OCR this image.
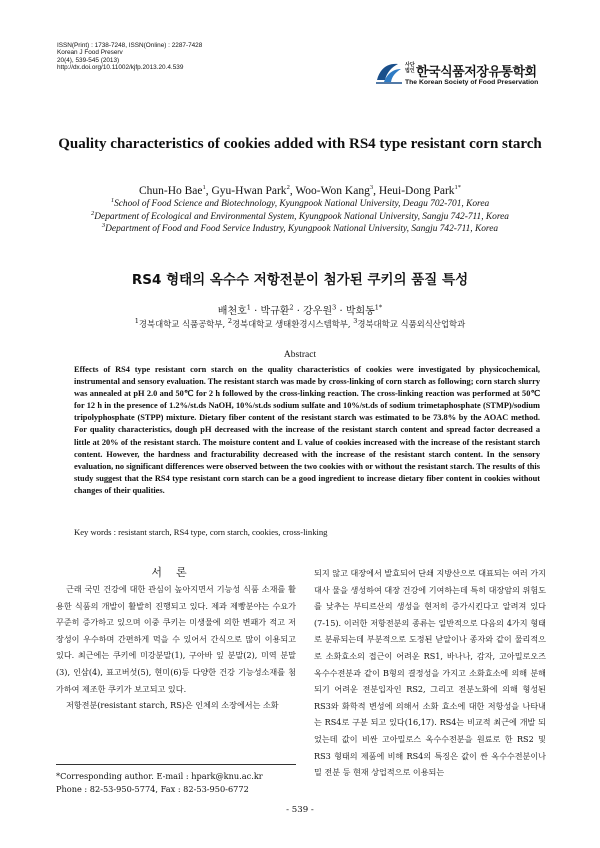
ISSN(Print) : 1738-7248, ISSN(Online) : 2287-7428
Korean J Food Preserv
20(4), 539-545 (2013)
http://dx.doi.org/10.11002/kjfp.2013.20.4.539	사단법인 한국식품저장유통학회
The Korean Society of Food Preservation
Quality characteristics of cookies added with RS4 type resistant corn starch
Chun-Ho Bae$^1$, Gyu-Hwan Park$^2$, Woo-Won Kang$^3$, Heui-Dong Park$^{1*}$
$^1$School of Food Science and Biotechnology, Kyungpook National University, Deagu 702-701, Korea
$^2$Department of Ecological and Environmental System, Kyungpook National University, Sangju 742-711, Korea
$^3$Department of Food and Food Service Industry, Kyungpook National University, Sangju 742-711, Korea
RS4 형태의 옥수수 저항전분이 첨가된 쿠키의 품질 특성
배천호$^1$ · 박규환$^2$ · 강우원$^3$ · 박희동$^{1*}$
$^1$경북대학교 식품공학부, $^2$경북대학교 생태환경시스템학부, $^3$경북대학교 식품외식산업학과
Abstract
Effects of RS4 type resistant corn starch on the quality characteristics of cookies were investigated by physicochemical, instrumental and sensory evaluation. The resistant starch was made by cross-linking of corn starch as following; corn starch slurry was annealed at pH 2.0 and 50℃ for 2 h followed by the cross-linking reaction. The cross-linking reaction was performed at 50℃ for 12 h in the presence of 1.2%/st.ds NaOH, 10%/st.ds sodium sulfate and 10%/st.ds of sodium trimetaphosphate (STMP)/sodium tripolyphosphate (STPP) mixture. Dietary fiber content of the resistant starch was estimated to be 73.8% by the AOAC method. For quality characteristics, dough pH decreased with the increase of the resistant starch content and spread factor decreased a little at 20% of the resistant starch. The moisture content and L value of cookies increased with the increase of the resistant starch content. However, the hardness and fracturability decreased with the increase of the resistant starch content. In the sensory evaluation, no significant differences were observed between the two cookies with or without the resistant starch. The results of this study suggest that the RS4 type resistant corn starch can be a good ingredient to increase dietary fiber content in cookies without changes of their qualities.
Key words : resistant starch, RS4 type, corn starch, cookies, cross-linking
서론

근래 국민 건강에 대한 관심이 높아지면서 기능성 식품 소재를 활용한 식품의 개발이 활발히 진행되고 있다. 제과 제빵분야는 수요가 꾸준히 증가하고 있으며 이중 쿠키는 미생물에 의한 변패가 적고 저장성이 우수하며 간편하게 먹을 수 있어서 간식으로 많이 이용되고 있다. 최근에는 쿠키에 미강분말(1), 구아바 잎 분말(2), 미역 분말(3), 인삼(4), 표고버섯(5), 현미(6)등 다양한 건강 기능성소재를 첨가하여 제조한 쿠키가 보고되고 있다.

저항전분(resistant starch, RS)은 인체의 소장에서는 소화

되지 않고 대장에서 발효되어 단쇄 지방산으로 대표되는 여러 가지 대사 물을 생성하여 대장 건강에 기여하는데 특히 대장암의 위험도를 낮추는 부티르산의 생성을 현저히 증가시킨다고 알려져 있다(7-15). 이러한 저항전분의 종류는 일반적으로 다음의 4가지 형태로 분류되는데 부분적으로 도정된 낟알이나 종자와 같이 물리적으로 소화효소의 접근이 어려운 RS1, 바나나, 감자, 고아밀로오즈 옥수수전분과 같이 B형의 결정성을 가지고 소화효소에 의해 분해되기 어려운 전분입자인 RS2, 그리고 전분노화에 의해 형성된 RS3와 화학적 변성에 의해서 소화 효소에 대한 저항성을 나타내는 RS4로 구분 되고 있다(16,17). RS4는 비교적 최근에 개발 되었는데 값이 비싼 고아밀로스 옥수수전분을 원료로 한 RS2 및 RS3 형태의 제품에 비해 RS4의 특징은 값이 싼 옥수수전분이나 밀 전분 등 현재 상업적으로 이용되는

*Corresponding author. E-mail : hpark@knu.ac.kr
Phone : 82-53-950-5774, Fax : 82-53-950-6772
- 539 -
